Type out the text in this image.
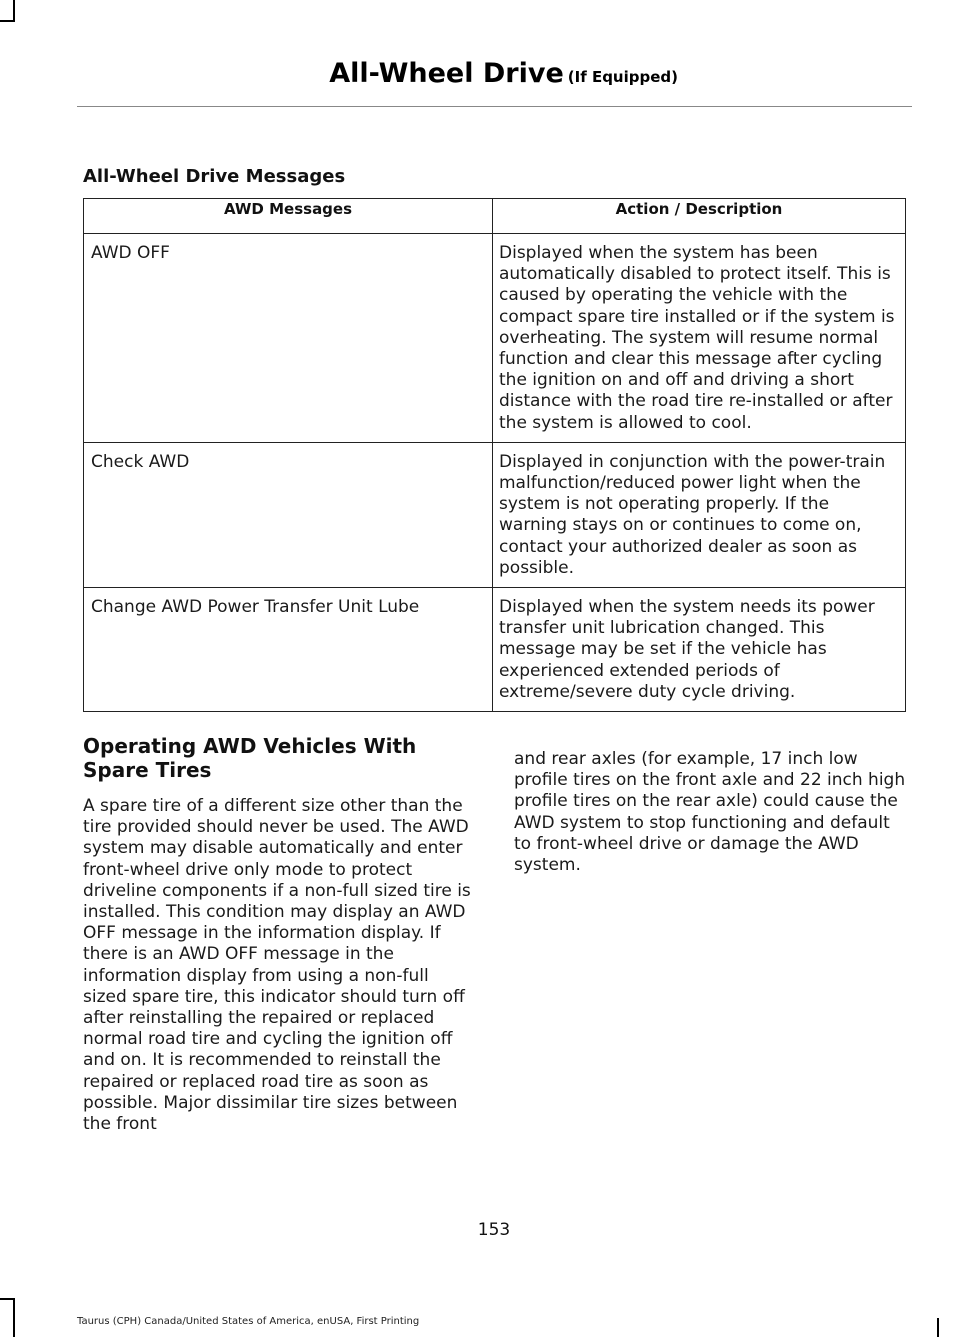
All-Wheel Drive (If Equipped)
All-Wheel Drive Messages
AWD Messages	Action / Description
AWD OFF	Displayed when the system has been automatically disabled to protect itself. This is caused by operating the vehicle with the compact spare tire installed or if the system is overheating. The system will resume normal function and clear this message after cycling the ignition on and off and driving a short distance with the road tire re-installed or after the system is allowed to cool.
Check AWD	Displayed in conjunction with the power-train malfunction/reduced power light when the system is not operating properly. If the warning stays on or continues to come on, contact your authorized dealer as soon as possible.
Change AWD Power Transfer Unit Lube	Displayed when the system needs its power transfer unit lubrication changed. This message may be set if the vehicle has experienced extended periods of extreme/severe duty cycle driving.
Operating AWD Vehicles With Spare Tires

A spare tire of a different size other than the tire provided should never be used. The AWD system may disable automatically and enter front-wheel drive only mode to protect driveline components if a non-full sized tire is installed. This condition may display an AWD OFF message in the information display. If there is an AWD OFF message in the information display from using a non-full sized spare tire, this indicator should turn off after reinstalling the repaired or replaced normal road tire and cycling the ignition off and on. It is recommended to reinstall the repaired or replaced road tire as soon as possible. Major dissimilar tire sizes between the front

and rear axles (for example, 17 inch low profile tires on the front axle and 22 inch high profile tires on the rear axle) could cause the AWD system to stop functioning and default to front-wheel drive or damage the AWD system.

153
Taurus (CPH) Canada/United States of America, enUSA, First Printing
